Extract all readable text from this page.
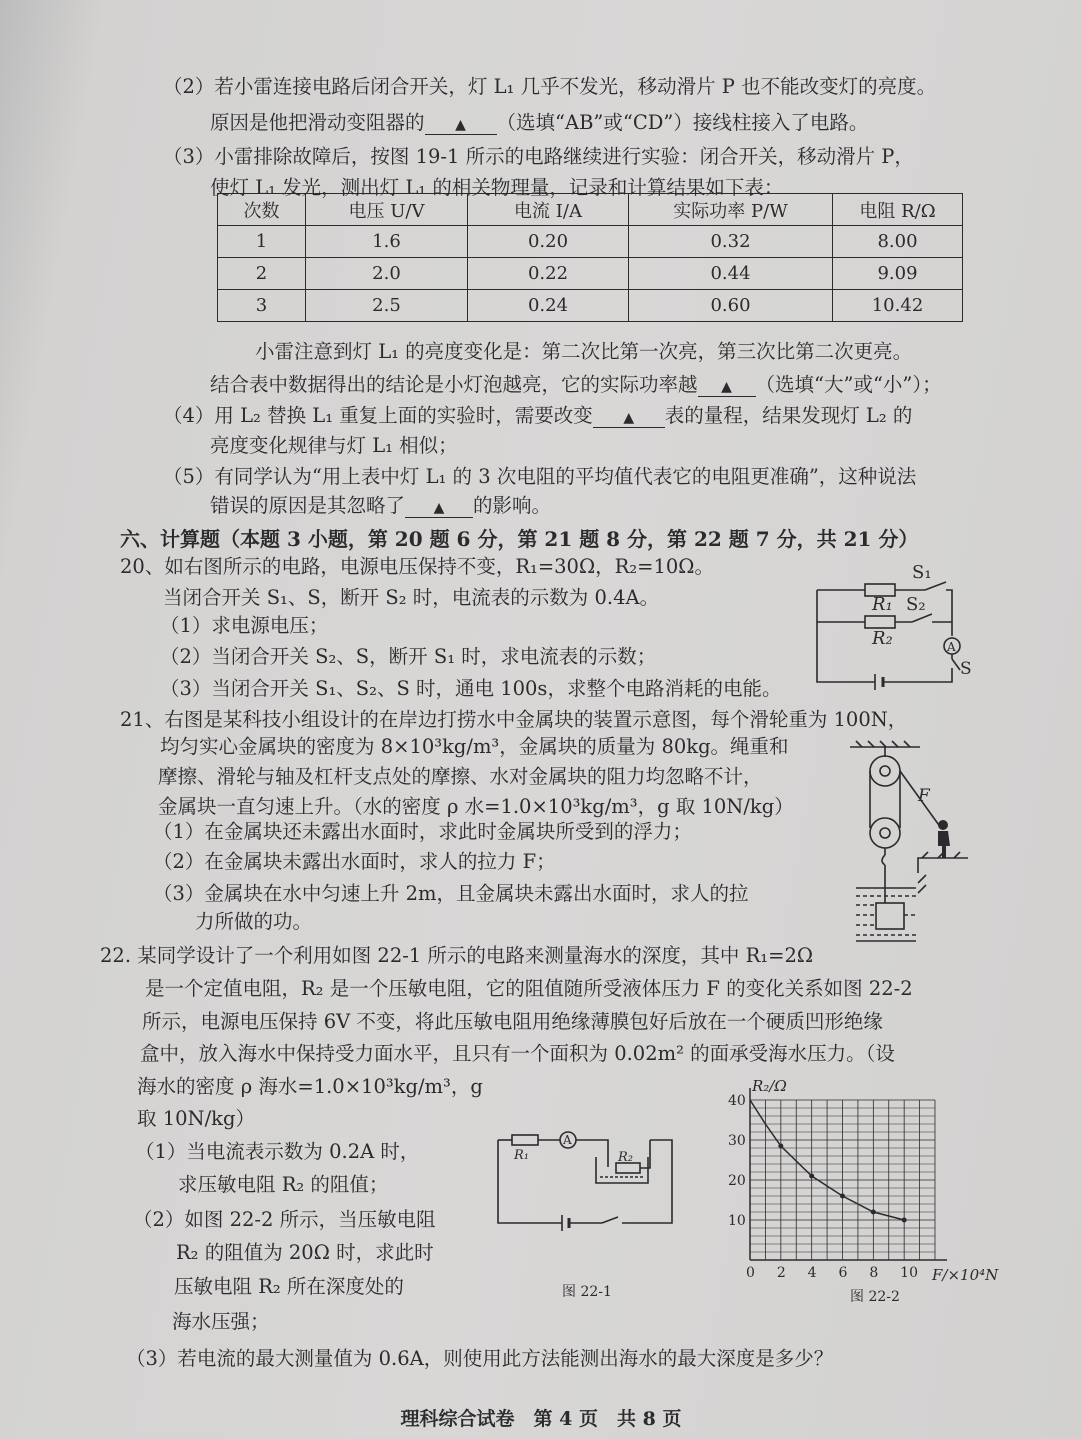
（2）若小雷连接电路后闭合开关，灯 L₁ 几乎不发光，移动滑片 P 也不能改变灯的亮度。
原因是他把滑动变阻器的 ▲ （选填“AB”或“CD”）接线柱接入了电路。
（3）小雷排除故障后，按图 19-1 所示的电路继续进行实验：闭合开关，移动滑片 P，
使灯 L₁ 发光，测出灯 L₁ 的相关物理量，记录和计算结果如下表：
次数	电压 U/V	电流 I/A	实际功率 P/W	电阻 R/Ω
1	1.6	0.20	0.32	8.00
2	2.0	0.22	0.44	9.09
3	2.5	0.24	0.60	10.42
小雷注意到灯 L₁ 的亮度变化是：第二次比第一次亮，第三次比第二次更亮。
结合表中数据得出的结论是小灯泡越亮，它的实际功率越 ▲ （选填“大”或“小”）；
（4）用 L₂ 替换 L₁ 重复上面的实验时，需要改变 ▲ 表的量程，结果发现灯 L₂ 的
亮度变化规律与灯 L₁ 相似；
（5）有同学认为“用上表中灯 L₁ 的 3 次电阻的平均值代表它的电阻更准确”，这种说法
错误的原因是其忽略了 ▲ 的影响。
六、计算题（本题 3 小题，第 20 题 6 分，第 21 题 8 分，第 22 题 7 分，共 21 分）
20、如右图所示的电路，电源电压保持不变，R₁=30Ω，R₂=10Ω。
当闭合开关 S₁、S，断开 S₂ 时，电流表的示数为 0.4A。
（1）求电源电压；
（2）当闭合开关 S₂、S，断开 S₁ 时，求电流表的示数；
（3）当闭合开关 S₁、S₂、S 时，通电 100s，求整个电路消耗的电能。
R₁
R₂
S₁
S₂
A
S
21、右图是某科技小组设计的在岸边打捞水中金属块的装置示意图，每个滑轮重为 100N，
均匀实心金属块的密度为 8×10³kg/m³，金属块的质量为 80kg。绳重和
摩擦、滑轮与轴及杠杆支点处的摩擦、水对金属块的阻力均忽略不计，
金属块一直匀速上升。（水的密度 ρ 水=1.0×10³kg/m³，g 取 10N/kg）
（1）在金属块还未露出水面时，求此时金属块所受到的浮力；
（2）在金属块未露出水面时，求人的拉力 F；
（3）金属块在水中匀速上升 2m，且金属块未露出水面时，求人的拉
力所做的功。
F
22. 某同学设计了一个利用如图 22-1 所示的电路来测量海水的深度，其中 R₁=2Ω
是一个定值电阻，R₂ 是一个压敏电阻，它的阻值随所受液体压力 F 的变化关系如图 22-2
所示，电源电压保持 6V 不变，将此压敏电阻用绝缘薄膜包好后放在一个硬质凹形绝缘
盒中，放入海水中保持受力面水平，且只有一个面积为 0.02m² 的面承受海水压力。（设
海水的密度 ρ 海水=1.0×10³kg/m³，g
取 10N/kg）
（1）当电流表示数为 0.2A 时，
求压敏电阻 R₂ 的阻值；
（2）如图 22-2 所示，当压敏电阻
R₂ 的阻值为 20Ω 时，求此时
压敏电阻 R₂ 所在深度处的
海水压强；
（3）若电流的最大测量值为 0.6A，则使用此方法能测出海水的最大深度是多少？
R₁	R₂
A
图 22-1
0 2 4 6 8 10
10
20
30
40
R₂/Ω
F/×10⁴N
图 22-2
理科综合试卷　第 4 页　共 8 页
